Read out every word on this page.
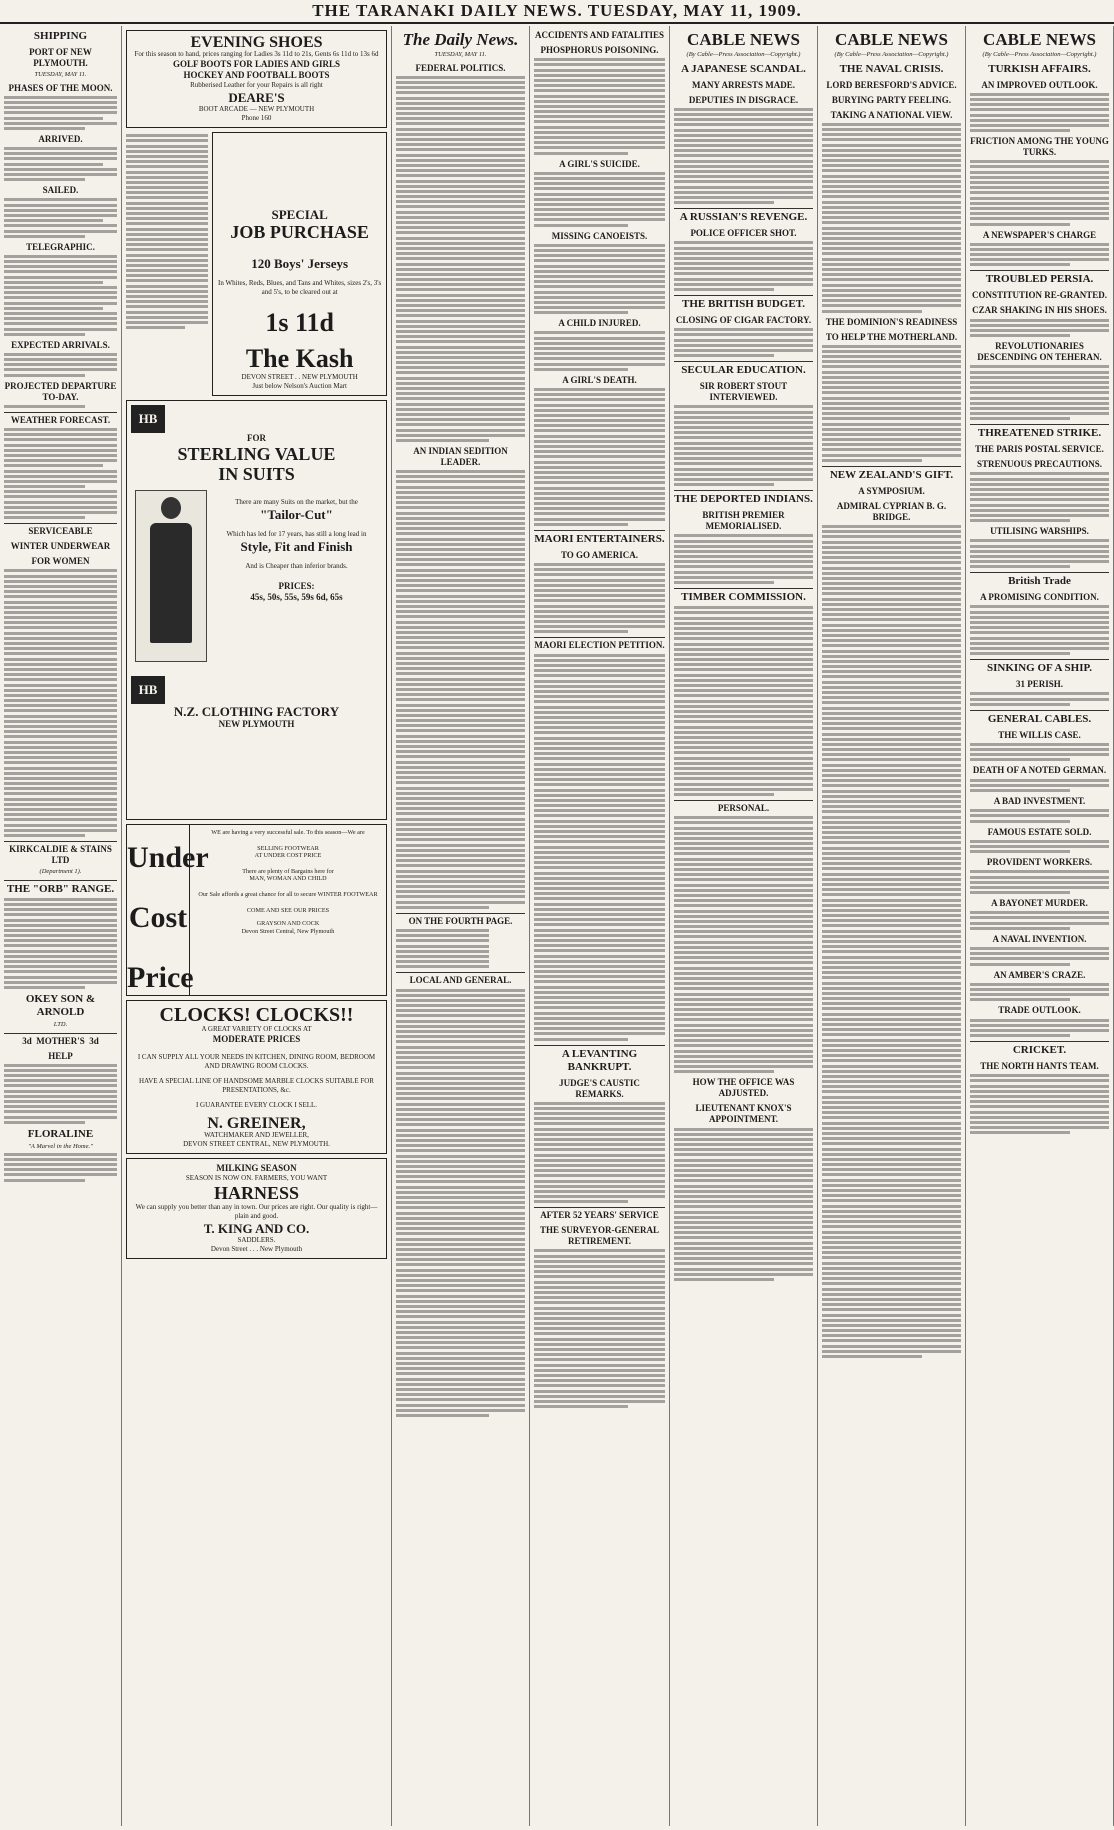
THE TARANAKI DAILY NEWS. TUESDAY, MAY 11, 1909.
SHIPPING
PORT OF NEW PLYMOUTH.
TUESDAY, MAY 11.
PHASES OF THE MOON.
ARRIVED.
SAILED.
TELEGRAPHIC.
EXPECTED ARRIVALS.
PROJECTED DEPARTURE TO-DAY.
WEATHER FORECAST.
SERVICEABLE
WINTER UNDERWEAR
FOR WOMEN
KIRKCALDIE & STAINS LTD
(Department 1).
THE "ORB" RANGE.
OKEY SON & ARNOLD
LTD.
3d MOTHER'S 3d
HELP
FLORALINE
"A Marvel in the Home."
EVENING SHOES
For this season to hand, prices ranging for Ladies 3s 11d to 21s, Gents 6s 11d to 13s 6d
GOLF BOOTS FOR LADIES AND GIRLS
HOCKEY AND FOOTBALL BOOTS
Rubberised Leather for your Repairs is all right
DEARE'S
BOOT ARCADE — NEW PLYMOUTH
Phone 160
SPECIAL
JOB PURCHASE
120 Boys' Jerseys
In Whites, Reds, Blues, and Tans and Whites, sizes 2's, 3's and 5's, to be cleared out at
1s 11d
The Kash
DEVON STREET . . NEW PLYMOUTH
Just below Nelson's Auction Mart
HB
FOR
STERLING VALUE
IN SUITS
There are many Suits on the market, but the
"Tailor-Cut"
Which has led for 17 years, has still a long lead in
Style, Fit and Finish
And is Cheaper than inferior brands.
PRICES:
45s, 50s, 55s, 59s 6d, 65s
HB
N.Z. CLOTHING FACTORY
NEW PLYMOUTH
Under
Cost
Price
WE are having a very successful sale. To this season—We are
SELLING FOOTWEAR
AT UNDER COST PRICE
There are plenty of Bargains here for
MAN, WOMAN AND CHILD
Our Sale affords a great chance for all to secure WINTER FOOTWEAR
COME AND SEE OUR PRICES
GRAYSON AND COCK
Devon Street Central, New Plymouth
CLOCKS! CLOCKS!!
A GREAT VARIETY OF CLOCKS AT
MODERATE PRICES
I CAN SUPPLY ALL YOUR NEEDS IN KITCHEN, DINING ROOM, BEDROOM AND DRAWING ROOM CLOCKS.
HAVE A SPECIAL LINE OF HANDSOME MARBLE CLOCKS SUITABLE FOR PRESENTATIONS, &c.
I GUARANTEE EVERY CLOCK I SELL.
N. GREINER,
WATCHMAKER AND JEWELLER,
DEVON STREET CENTRAL, NEW PLYMOUTH.
MILKING SEASON
SEASON IS NOW ON. FARMERS, YOU WANT
HARNESS
We can supply you better than any in town. Our prices are right. Our quality is right—plain and good.
T. KING AND CO.
SADDLERS.
Devon Street . . . New Plymouth
The Daily News.
TUESDAY, MAY 11.
FEDERAL POLITICS.
AN INDIAN SEDITION LEADER.
ON THE FOURTH PAGE.
LOCAL AND GENERAL.
ACCIDENTS AND FATALITIES
PHOSPHORUS POISONING.
A GIRL'S SUICIDE.
MISSING CANOEISTS.
A CHILD INJURED.
A GIRL'S DEATH.
MAORI ENTERTAINERS.
TO GO AMERICA.
MAORI ELECTION PETITION.
A LEVANTING BANKRUPT.
JUDGE'S CAUSTIC REMARKS.
AFTER 52 YEARS' SERVICE
THE SURVEYOR-GENERAL RETIREMENT.
CABLE NEWS
(By Cable—Press Association—Copyright.)
A JAPANESE SCANDAL.
MANY ARRESTS MADE.
DEPUTIES IN DISGRACE.
A RUSSIAN'S REVENGE.
POLICE OFFICER SHOT.
THE BRITISH BUDGET.
CLOSING OF CIGAR FACTORY.
SECULAR EDUCATION.
SIR ROBERT STOUT INTERVIEWED.
THE DEPORTED INDIANS.
BRITISH PREMIER MEMORIALISED.
TIMBER COMMISSION.
PERSONAL.
HOW THE OFFICE WAS ADJUSTED.
LIEUTENANT KNOX'S APPOINTMENT.
CABLE NEWS
(By Cable—Press Association—Copyright.)
THE NAVAL CRISIS.
LORD BERESFORD'S ADVICE.
BURYING PARTY FEELING.
TAKING A NATIONAL VIEW.
THE DOMINION'S READINESS
TO HELP THE MOTHERLAND.
NEW ZEALAND'S GIFT.
A SYMPOSIUM.
ADMIRAL CYPRIAN B. G. BRIDGE.
CABLE NEWS
(By Cable—Press Association—Copyright.)
TURKISH AFFAIRS.
AN IMPROVED OUTLOOK.
FRICTION AMONG THE YOUNG TURKS.
A NEWSPAPER'S CHARGE
TROUBLED PERSIA.
CONSTITUTION RE-GRANTED.
CZAR SHAKING IN HIS SHOES.
REVOLUTIONARIES DESCENDING ON TEHERAN.
THREATENED STRIKE.
THE PARIS POSTAL SERVICE.
STRENUOUS PRECAUTIONS.
UTILISING WARSHIPS.
British Trade
A PROMISING CONDITION.
SINKING OF A SHIP.
31 PERISH.
GENERAL CABLES.
THE WILLIS CASE.
DEATH OF A NOTED GERMAN.
A BAD INVESTMENT.
FAMOUS ESTATE SOLD.
PROVIDENT WORKERS.
A BAYONET MURDER.
A NAVAL INVENTION.
AN AMBER'S CRAZE.
TRADE OUTLOOK.
CRICKET.
THE NORTH HANTS TEAM.
